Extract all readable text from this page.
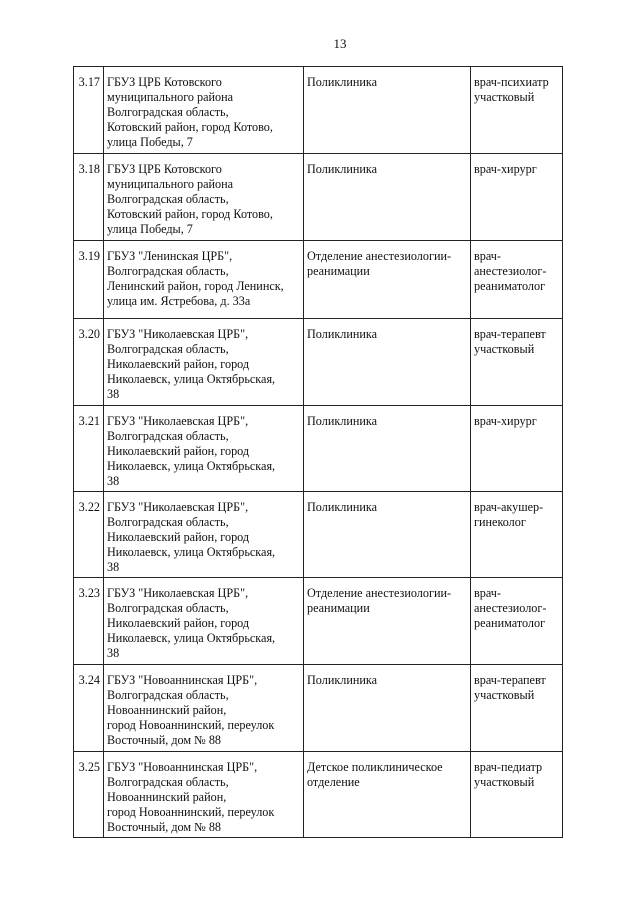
13
3.17	ГБУЗ ЦРБ Котовского
муниципального района
Волгоградская область,
Котовский район, город Котово,
улица Победы, 7	Поликлиника	врач-психиатр
участковый

3.18	ГБУЗ ЦРБ Котовского
муниципального района
Волгоградская область,
Котовский район, город Котово,
улица Победы, 7	Поликлиника	врач-хирург

3.19	ГБУЗ "Ленинская ЦРБ",
Волгоградская область,
Ленинский район, город Ленинск,
улица им. Ястребова, д. 33а	Отделение анестезиологии-
реанимации	врач-
анестезиолог-
реаниматолог

3.20	ГБУЗ "Николаевская ЦРБ",
Волгоградская область,
Николаевский район, город
Николаевск, улица Октябрьская,
38	Поликлиника	врач-терапевт
участковый

3.21	ГБУЗ "Николаевская ЦРБ",
Волгоградская область,
Николаевский район, город
Николаевск, улица Октябрьская,
38	Поликлиника	врач-хирург

3.22	ГБУЗ "Николаевская ЦРБ",
Волгоградская область,
Николаевский район, город
Николаевск, улица Октябрьская,
38	Поликлиника	врач-акушер-
гинеколог

3.23	ГБУЗ "Николаевская ЦРБ",
Волгоградская область,
Николаевский район, город
Николаевск, улица Октябрьская,
38	Отделение анестезиологии-
реанимации	врач-
анестезиолог-
реаниматолог

3.24	ГБУЗ "Новоаннинская ЦРБ",
Волгоградская область,
Новоаннинский район,
город Новоаннинский, переулок
Восточный, дом № 88	Поликлиника	врач-терапевт
участковый

3.25	ГБУЗ "Новоаннинская ЦРБ",
Волгоградская область,
Новоаннинский район,
город Новоаннинский, переулок
Восточный, дом № 88	Детское поликлиническое
отделение	врач-педиатр
участковый
